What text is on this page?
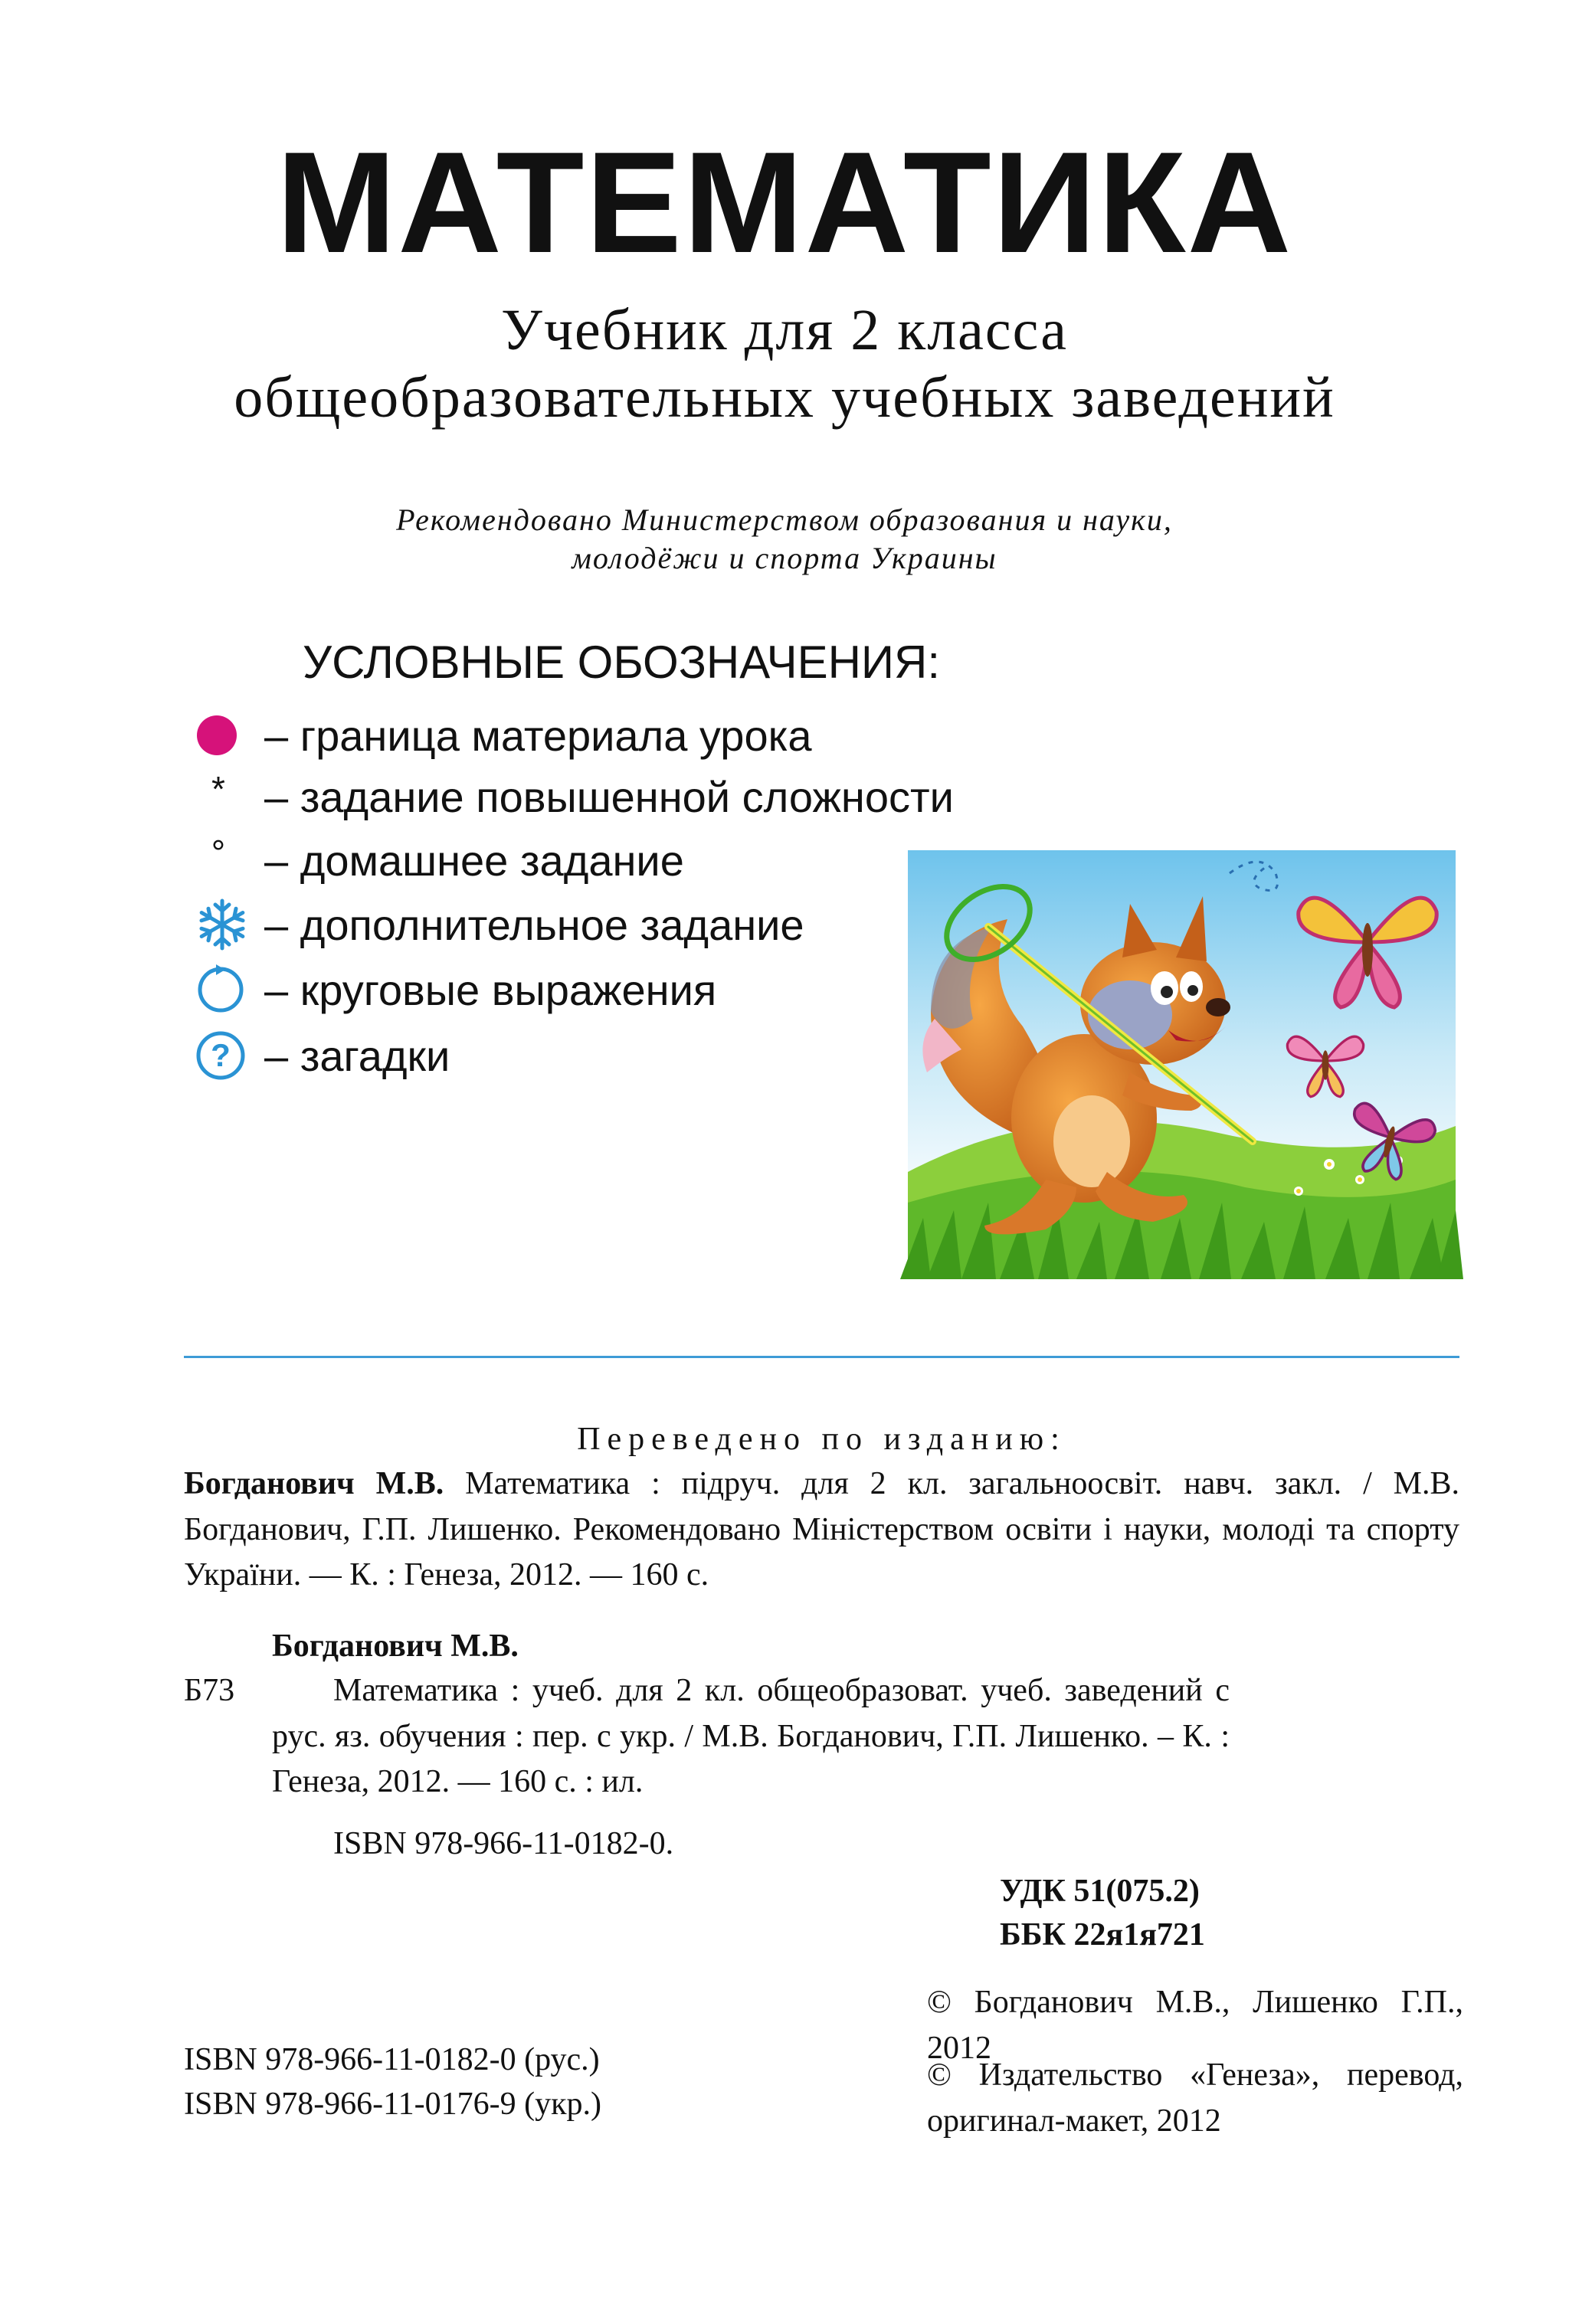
МАТЕМАТИКА
Учебник для 2 класса
общеобразовательных учебных заведений
Рекомендовано Министерством образования и науки,
молодёжи и спорта Украины
УСЛОВНЫЕ ОБОЗНАЧЕНИЯ:
– граница материала урока
* – задание повышенной сложности
° – домашнее задание
– дополнительное задание
– круговые выражения
? – загадки
Переведено по изданию:
Богданович М.В. Математика : підруч. для 2 кл. загальноосвіт. навч. закл. / М.В. Богданович, Г.П. Лишенко. Рекомендовано Міністерством освіти і науки, молоді та спорту України. — К. : Генеза, 2012. — 160 с.
Богданович М.В.
Б73	Математика : учеб. для 2 кл. общеобразоват. учеб. заведений с рус. яз. обучения : пер. с укр. / М.В. Богданович, Г.П. Лишенко. – К. : Генеза, 2012. — 160 с. : ил.
ISBN 978-966-11-0182-0.
УДК 51(075.2)
ББК 22я1я721
© Богданович М.В., Лишенко Г.П., 2012
© Издательство «Генеза», перевод, оригинал-макет, 2012
ISBN 978-966-11-0182-0 (рус.)
ISBN 978-966-11-0176-9 (укр.)
